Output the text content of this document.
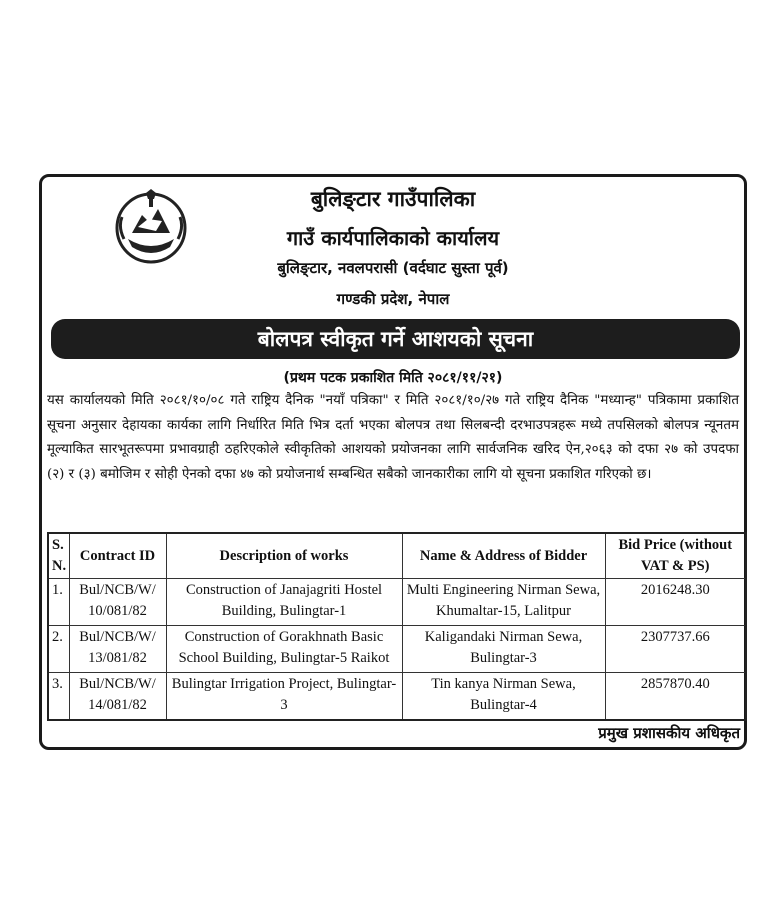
बुलिङ्टार गाउँपालिका
गाउँ कार्यपालिकाको कार्यालय
बुलिङ्टार, नवलपरासी (वर्दघाट सुस्ता पूर्व)
गण्डकी प्रदेश, नेपाल
बोलपत्र स्वीकृत गर्ने आशयको सूचना
(प्रथम पटक प्रकाशित मिति २०८१/११/२१)

यस कार्यालयको मिति २०८१/१०/०८ गते राष्ट्रिय दैनिक "नयाँ पत्रिका" र मिति २०८१/१०/२७ गते राष्ट्रिय दैनिक "मध्यान्ह" पत्रिकामा प्रकाशित सूचना अनुसार देहायका कार्यका लागि निर्धारित मिति भित्र दर्ता भएका बोलपत्र तथा सिलबन्दी दरभाउपत्रहरू मध्ये तपसिलको बोलपत्र न्यूनतम मूल्याकित सारभूतरूपमा प्रभावग्राही ठहरिएकोले स्वीकृतिको आशयको प्रयोजनका लागि सार्वजनिक खरिद ऐन,२०६३ को दफा २७ को उपदफा (२) र (३) बमोजिम र सोही ऐनको दफा ४७ को प्रयोजनार्थ सम्बन्धित सबैको जानकारीका लागि यो सूचना प्रकाशित गरिएको छ।

S. N.	Contract ID	Description of works	Name & Address of Bidder	Bid Price (without VAT & PS)
1.	Bul/NCB/W/ 10/081/82	Construction of Janajagriti Hostel Building, Bulingtar-1	Multi Engineering Nirman Sewa, Khumaltar-15, Lalitpur	2016248.30
2.	Bul/NCB/W/ 13/081/82	Construction of Gorakhnath Basic School Building, Bulingtar-5 Raikot	Kaligandaki Nirman Sewa, Bulingtar-3	2307737.66
3.	Bul/NCB/W/ 14/081/82	Bulingtar Irrigation Project, Bulingtar-3	Tin kanya Nirman Sewa, Bulingtar-4	2857870.40
प्रमुख प्रशासकीय अधिकृत
